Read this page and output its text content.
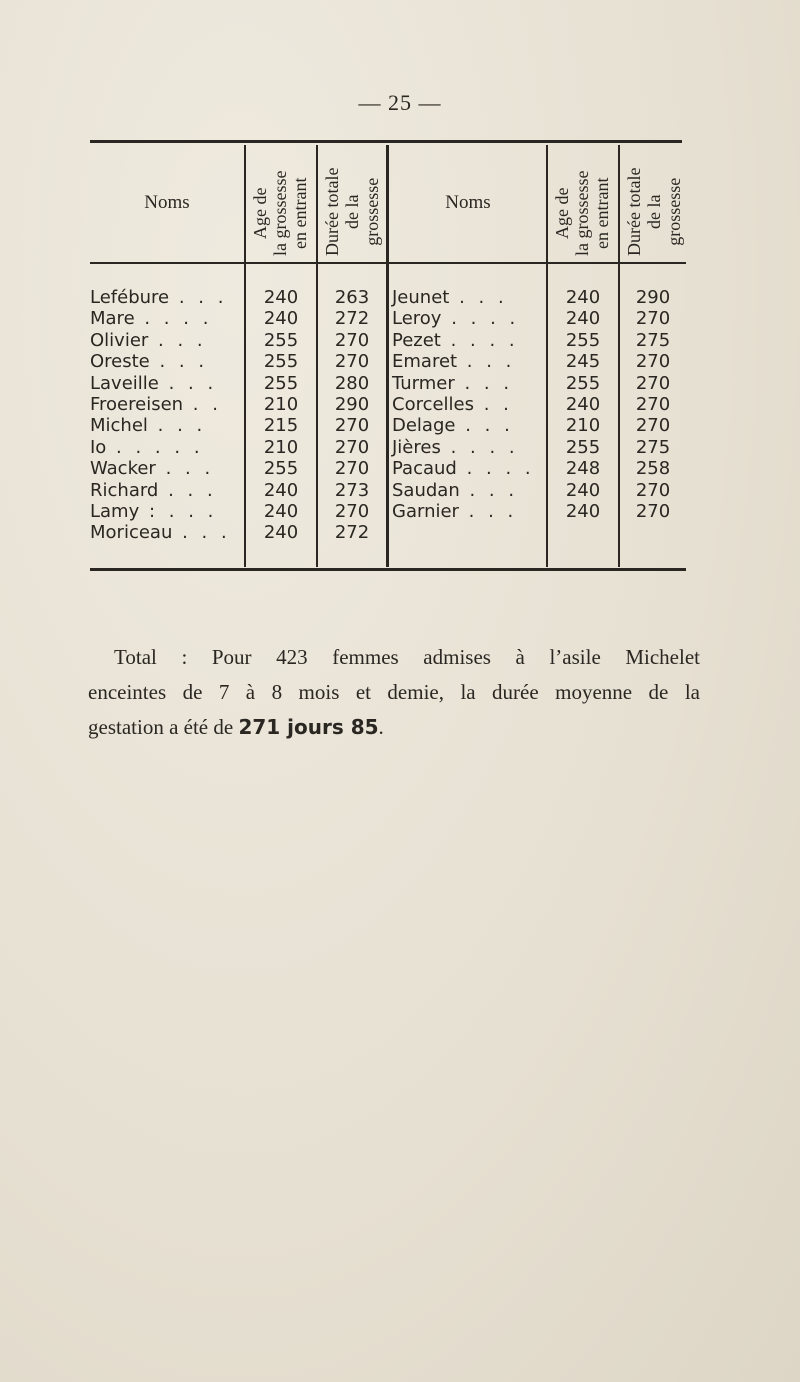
— 25 —
Noms	Noms
Age de la grossesse en entrant Durée totale de la grossesse	Age de la grossesse en entrant Durée totale de la grossesse
Lefébure . . .
Mare . . . .
Olivier . . .
Oreste . . .
Laveille . . .
Froereisen . .
Michel . . .
Io . . . . .
Wacker . . .
Richard . . .
Lamy : . . .
Moriceau . . .
240
240
255
255
255
210
215
210
255
240
240
240
263
272
270
270
280
290
270
270
270
273
270
272
Jeunet . . .
Leroy . . . .
Pezet . . . .
Emaret . . .
Turmer . . .
Corcelles . .
Delage . . .
Jières . . . .
Pacaud . . . .
Saudan . . .
Garnier . . .
240
240
255
245
255
240
210
255
248
240
240
290
270
275
270
270
270
270
275
258
270
270
Total : Pour 423 femmes admises à l’asile Michelet
enceintes de 7 à 8 mois et demie, la durée moyenne de la
gestation a été de 271 jours 85.
